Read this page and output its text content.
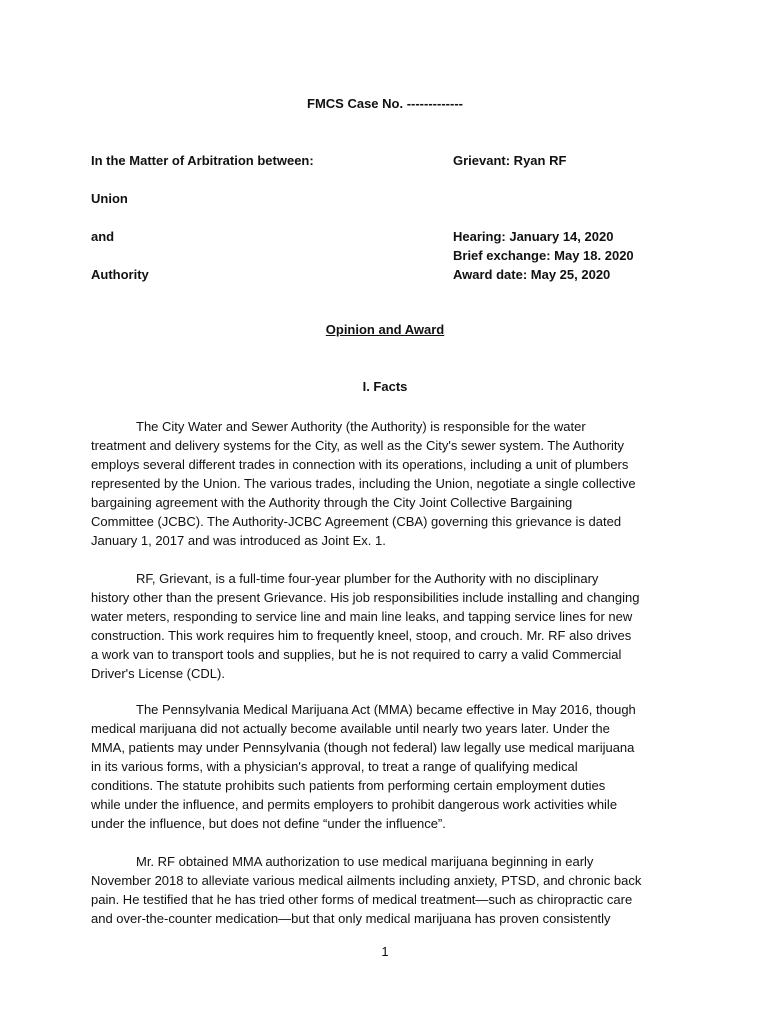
FMCS Case No. -------------
In the Matter of Arbitration between:	Grievant: Ryan RF
Union
and
Authority
Hearing: January 14, 2020
Brief exchange: May 18. 2020
Award date: May 25, 2020
Opinion and Award
I. Facts
The City Water and Sewer Authority (the Authority) is responsible for the water
treatment and delivery systems for the City, as well as the City's sewer system. The Authority
employs several different trades in connection with its operations, including a unit of plumbers
represented by the Union. The various trades, including the Union, negotiate a single collective
bargaining agreement with the Authority through the City Joint Collective Bargaining
Committee (JCBC). The Authority-JCBC Agreement (CBA) governing this grievance is dated
January 1, 2017 and was introduced as Joint Ex. 1.
RF, Grievant, is a full-time four-year plumber for the Authority with no disciplinary
history other than the present Grievance. His job responsibilities include installing and changing
water meters, responding to service line and main line leaks, and tapping service lines for new
construction. This work requires him to frequently kneel, stoop, and crouch. Mr. RF also drives
a work van to transport tools and supplies, but he is not required to carry a valid Commercial
Driver's License (CDL).
The Pennsylvania Medical Marijuana Act (MMA) became effective in May 2016, though
medical marijuana did not actually become available until nearly two years later. Under the
MMA, patients may under Pennsylvania (though not federal) law legally use medical marijuana
in its various forms, with a physician's approval, to treat a range of qualifying medical
conditions. The statute prohibits such patients from performing certain employment duties
while under the influence, and permits employers to prohibit dangerous work activities while
under the influence, but does not define “under the influence”.
Mr. RF obtained MMA authorization to use medical marijuana beginning in early
November 2018 to alleviate various medical ailments including anxiety, PTSD, and chronic back
pain. He testified that he has tried other forms of medical treatment—such as chiropractic care
and over-the-counter medication—but that only medical marijuana has proven consistently
1
